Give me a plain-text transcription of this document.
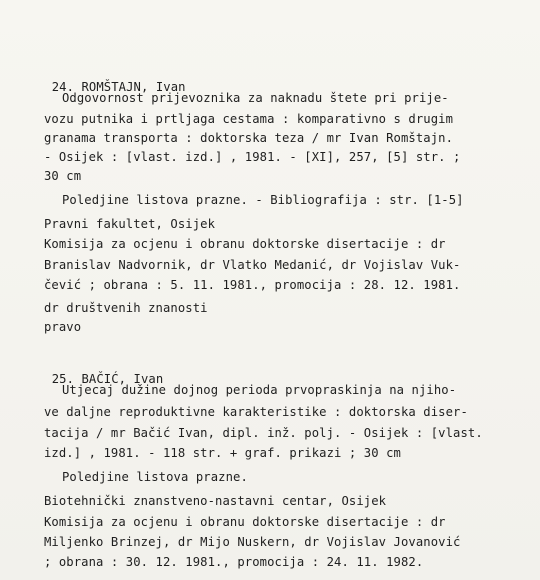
24. ROMŠTAJN, Ivan

Odgovornost prijevoznika za naknadu štete pri prije-
vozu putnika i prtljaga cestama : komparativno s drugim
granama transporta : doktorska teza / mr Ivan Romštajn.
- Osijek : [vlast. izd.] , 1981. - [XI], 257, [5] str. ;
30 cm
Poledjine listova prazne. - Bibliografija : str. [1-5]
Pravni fakultet, Osijek
Komisija za ocjenu i obranu doktorske disertacije : dr
Branislav Nadvornik, dr Vlatko Medanić, dr Vojislav Vuk-
čević ; obrana : 5. 11. 1981., promocija : 28. 12. 1981.
dr društvenih znanosti
pravo

25. BAČIĆ, Ivan

Utjecaj dužine dojnog perioda prvopraskinja na njiho-
ve daljne reproduktivne karakteristike : doktorska diser-
tacija / mr Bačić Ivan, dipl. inž. polj. - Osijek : [vlast.
izd.] , 1981. - 118 str. + graf. prikazi ; 30 cm
Poledjine listova prazne.
Biotehnički znanstveno-nastavni centar, Osijek
Komisija za ocjenu i obranu doktorske disertacije : dr
Miljenko Brinzej, dr Mijo Nuskern, dr Vojislav Jovanović
; obrana : 30. 12. 1981., promocija : 24. 11. 1982.
